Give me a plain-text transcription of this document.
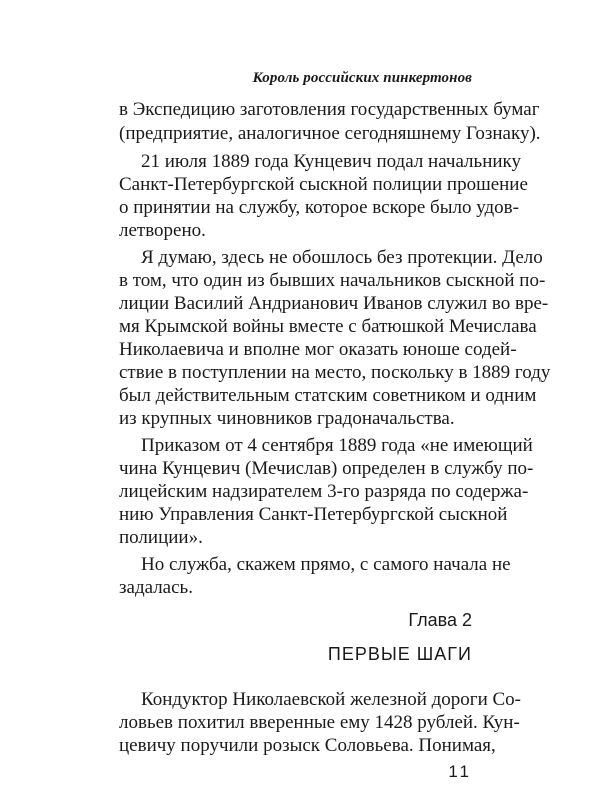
Король российских пинкертонов
в Экспедицию заготовления государственных бумаг
(предприятие, аналогичное сегодняшнему Гознаку).
21 июля 1889 года Кунцевич подал начальнику
Санкт-Петербургской сыскной полиции прошение
о принятии на службу, которое вскоре было удов-
летворено.
Я думаю, здесь не обошлось без протекции. Дело
в том, что один из бывших начальников сыскной по-
лиции Василий Андрианович Иванов служил во вре-
мя Крымской войны вместе с батюшкой Мечислава
Николаевича и вполне мог оказать юноше содей-
ствие в поступлении на место, поскольку в 1889 году
был действительным статским советником и одним
из крупных чиновников градоначальства.
Приказом от 4 сентября 1889 года «не имеющий
чина Кунцевич (Мечислав) определен в службу по-
лицейским надзирателем 3-го разряда по содержа-
нию Управления Санкт-Петербургской сыскной
полиции».
Но служба, скажем прямо, с самого начала не
задалась.
Глава 2
ПЕРВЫЕ ШАГИ
Кондуктор Николаевской железной дороги Со-
ловьев похитил вверенные ему 1428 рублей. Кун-
цевичу поручили розыск Соловьева. Понимая,
11
